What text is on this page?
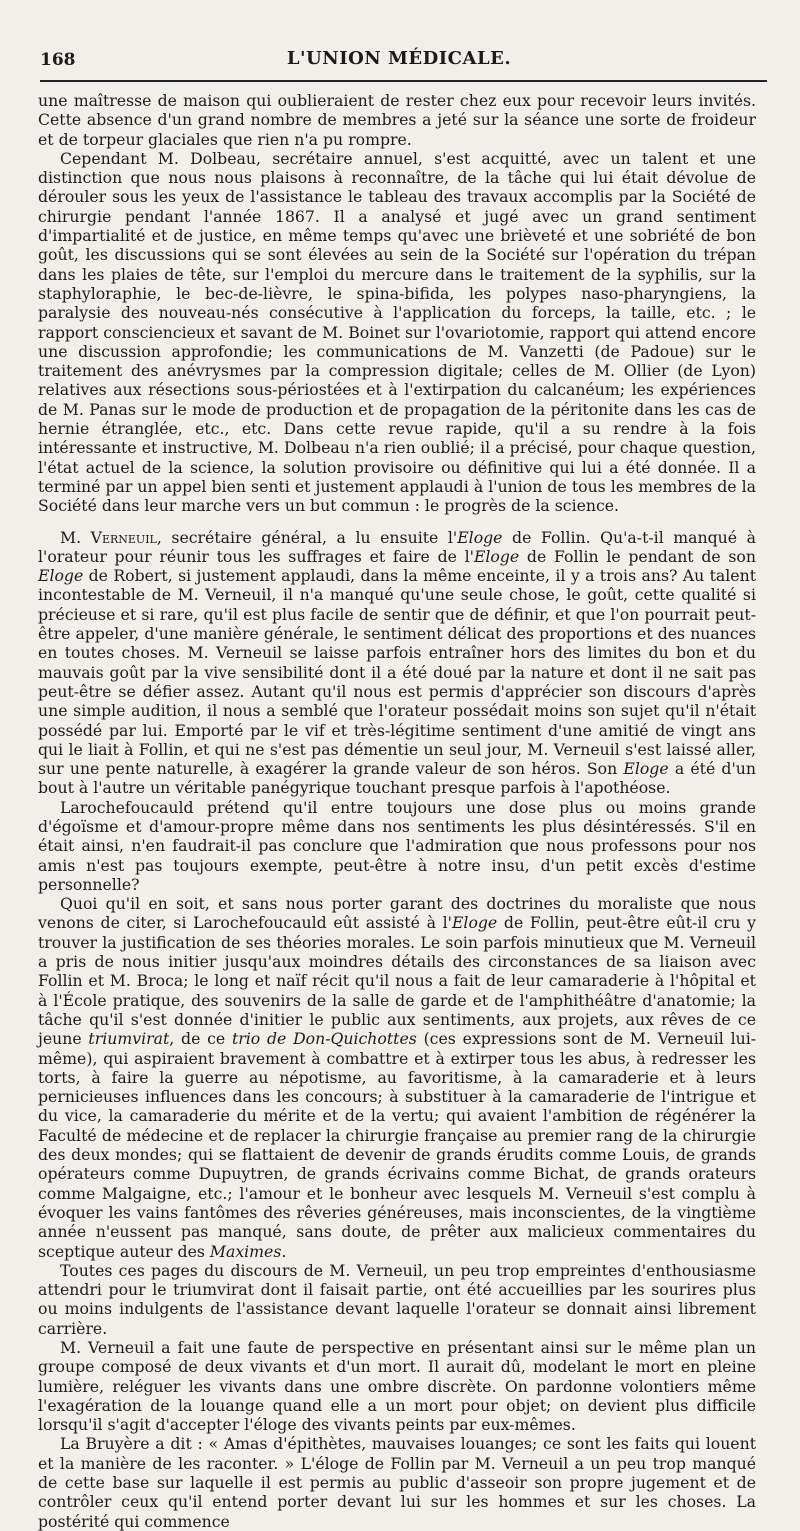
168	L'UNION MÉDICALE.

une maîtresse de maison qui oublieraient de rester chez eux pour recevoir leurs invités. Cette absence d'un grand nombre de membres a jeté sur la séance une sorte de froideur et de torpeur glaciales que rien n'a pu rompre.

Cependant M. Dolbeau, secrétaire annuel, s'est acquitté, avec un talent et une distinction que nous nous plaisons à reconnaître, de la tâche qui lui était dévolue de dérouler sous les yeux de l'assistance le tableau des travaux accomplis par la Société de chirurgie pendant l'année 1867. Il a analysé et jugé avec un grand sentiment d'impartialité et de justice, en même temps qu'avec une brièveté et une sobriété de bon goût, les discussions qui se sont élevées au sein de la Société sur l'opération du trépan dans les plaies de tête, sur l'emploi du mercure dans le traitement de la syphilis, sur la staphyloraphie, le bec-de-lièvre, le spina-bifida, les polypes naso-pharyngiens, la paralysie des nouveau-nés consécutive à l'application du forceps, la taille, etc. ; le rapport consciencieux et savant de M. Boinet sur l'ovariotomie, rapport qui attend encore une discussion approfondie; les communications de M. Vanzetti (de Padoue) sur le traitement des anévrysmes par la compression digitale; celles de M. Ollier (de Lyon) relatives aux résections sous-périostées et à l'extirpation du calcanéum; les expériences de M. Panas sur le mode de production et de propagation de la péritonite dans les cas de hernie étranglée, etc., etc. Dans cette revue rapide, qu'il a su rendre à la fois intéressante et instructive, M. Dolbeau n'a rien oublié; il a précisé, pour chaque question, l'état actuel de la science, la solution provisoire ou définitive qui lui a été donnée. Il a terminé par un appel bien senti et justement applaudi à l'union de tous les membres de la Société dans leur marche vers un but commun : le progrès de la science.

M. Verneuil, secrétaire général, a lu ensuite l'Eloge de Follin. Qu'a-t-il manqué à l'orateur pour réunir tous les suffrages et faire de l'Eloge de Follin le pendant de son Eloge de Robert, si justement applaudi, dans la même enceinte, il y a trois ans? Au talent incontestable de M. Verneuil, il n'a manqué qu'une seule chose, le goût, cette qualité si précieuse et si rare, qu'il est plus facile de sentir que de définir, et que l'on pourrait peut-être appeler, d'une manière générale, le sentiment délicat des proportions et des nuances en toutes choses. M. Verneuil se laisse parfois entraîner hors des limites du bon et du mauvais goût par la vive sensibilité dont il a été doué par la nature et dont il ne sait pas peut-être se défier assez. Autant qu'il nous est permis d'apprécier son discours d'après une simple audition, il nous a semblé que l'orateur possédait moins son sujet qu'il n'était possédé par lui. Emporté par le vif et très-légitime sentiment d'une amitié de vingt ans qui le liait à Follin, et qui ne s'est pas démentie un seul jour, M. Verneuil s'est laissé aller, sur une pente naturelle, à exagérer la grande valeur de son héros. Son Eloge a été d'un bout à l'autre un véritable panégyrique touchant presque parfois à l'apothéose.

Larochefoucauld prétend qu'il entre toujours une dose plus ou moins grande d'égoïsme et d'amour-propre même dans nos sentiments les plus désintéressés. S'il en était ainsi, n'en faudrait-il pas conclure que l'admiration que nous professons pour nos amis n'est pas toujours exempte, peut-être à notre insu, d'un petit excès d'estime personnelle?

Quoi qu'il en soit, et sans nous porter garant des doctrines du moraliste que nous venons de citer, si Larochefoucauld eût assisté à l'Eloge de Follin, peut-être eût-il cru y trouver la justification de ses théories morales. Le soin parfois minutieux que M. Verneuil a pris de nous initier jusqu'aux moindres détails des circonstances de sa liaison avec Follin et M. Broca; le long et naïf récit qu'il nous a fait de leur camaraderie à l'hôpital et à l'École pratique, des souvenirs de la salle de garde et de l'amphithéâtre d'anatomie; la tâche qu'il s'est donnée d'initier le public aux sentiments, aux projets, aux rêves de ce jeune triumvirat, de ce trio de Don-Quichottes (ces expressions sont de M. Verneuil lui-même), qui aspiraient bravement à combattre et à extirper tous les abus, à redresser les torts, à faire la guerre au népotisme, au favoritisme, à la camaraderie et à leurs pernicieuses influences dans les concours; à substituer à la camaraderie de l'intrigue et du vice, la camaraderie du mérite et de la vertu; qui avaient l'ambition de régénérer la Faculté de médecine et de replacer la chirurgie française au premier rang de la chirurgie des deux mondes; qui se flattaient de devenir de grands érudits comme Louis, de grands opérateurs comme Dupuytren, de grands écrivains comme Bichat, de grands orateurs comme Malgaigne, etc.; l'amour et le bonheur avec lesquels M. Verneuil s'est complu à évoquer les vains fantômes des rêveries généreuses, mais inconscientes, de la vingtième année n'eussent pas manqué, sans doute, de prêter aux malicieux commentaires du sceptique auteur des Maximes.

Toutes ces pages du discours de M. Verneuil, un peu trop empreintes d'enthousiasme attendri pour le triumvirat dont il faisait partie, ont été accueillies par les sourires plus ou moins indulgents de l'assistance devant laquelle l'orateur se donnait ainsi librement carrière.

M. Verneuil a fait une faute de perspective en présentant ainsi sur le même plan un groupe composé de deux vivants et d'un mort. Il aurait dû, modelant le mort en pleine lumière, reléguer les vivants dans une ombre discrète. On pardonne volontiers même l'exagération de la louange quand elle a un mort pour objet; on devient plus difficile lorsqu'il s'agit d'accepter l'éloge des vivants peints par eux-mêmes.

La Bruyère a dit : « Amas d'épithètes, mauvaises louanges; ce sont les faits qui louent et la manière de les raconter. » L'éloge de Follin par M. Verneuil a un peu trop manqué de cette base sur laquelle il est permis au public d'asseoir son propre jugement et de contrôler ceux qu'il entend porter devant lui sur les hommes et sur les choses. La postérité qui commence
